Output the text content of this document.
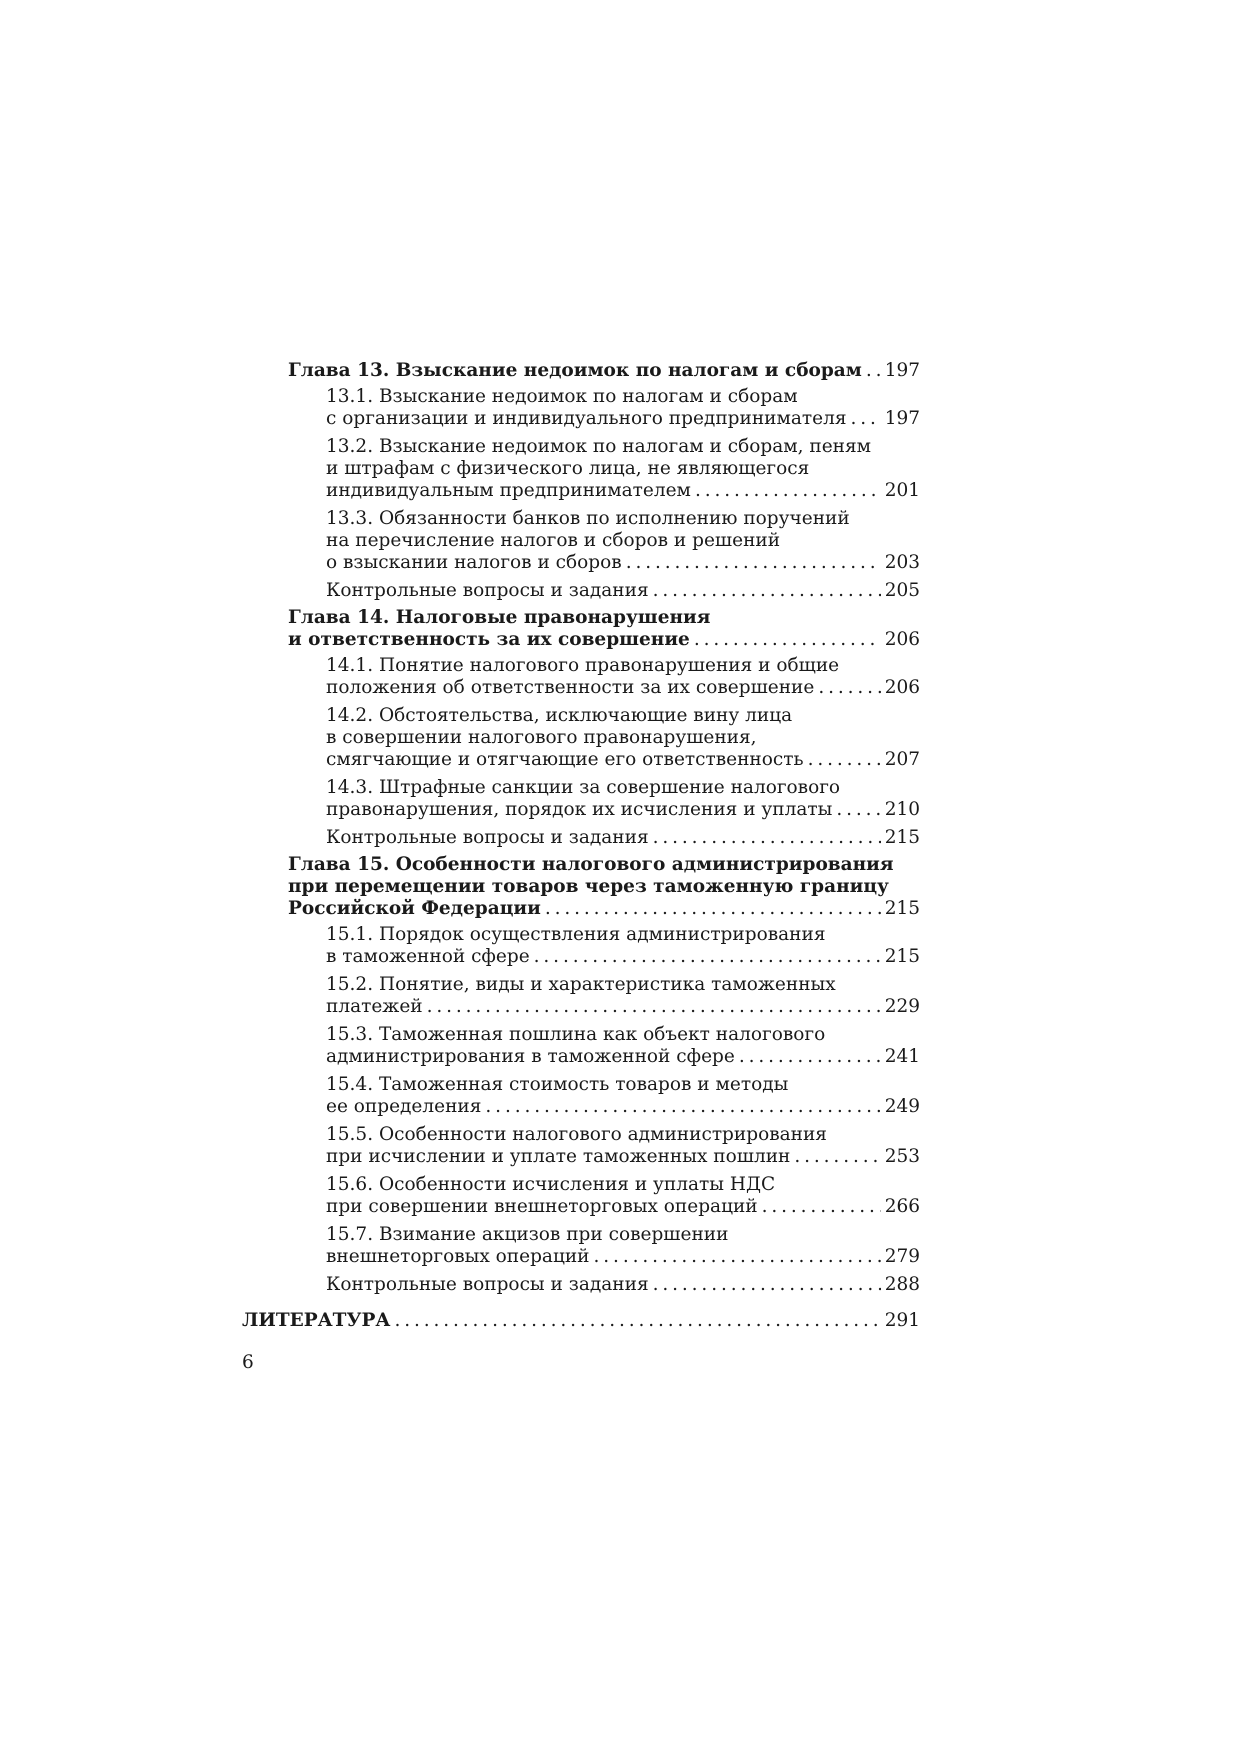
Глава 13. Взыскание недоимок по налогам и сборам . . . 197
13.1. Взыскание недоимок по налогам и сборам
с организации и индивидуального предпринимателя . . . 197
13.2. Взыскание недоимок по налогам и сборам, пеням
и штрафам с физического лица, не являющегося
индивидуальным предпринимателем . . .	201
13.3. Обязанности банков по исполнению поручений
на перечисление налогов и сборов и решений
о взыскании налогов и сборов . . .	203
Контрольные вопросы и задания . . .	205
Глава 14. Налоговые правонарушения
и ответственность за их совершение . . .	206
14.1. Понятие налогового правонарушения и общие
положения об ответственности за их совершение . . .	206
14.2. Обстоятельства, исключающие вину лица
в совершении налогового правонарушения,
смягчающие и отягчающие его ответственность . . .	207
14.3. Штрафные санкции за совершение налогового
правонарушения, порядок их исчисления и уплаты . . .	210
Контрольные вопросы и задания . . .	215
Глава 15. Особенности налогового администрирования
при перемещении товаров через таможенную границу
Российской Федерации . . .	215
15.1. Порядок осуществления администрирования
в таможенной сфере . . .	215
15.2. Понятие, виды и характеристика таможенных
платежей . . .	229
15.3. Таможенная пошлина как объект налогового
администрирования в таможенной сфере . . .	241
15.4. Таможенная стоимость товаров и методы
ее определения . . .	249
15.5. Особенности налогового администрирования
при исчислении и уплате таможенных пошлин . . .	253
15.6. Особенности исчисления и уплаты НДС
при совершении внешнеторговых операций . . .	266
15.7. Взимание акцизов при совершении
внешнеторговых операций . . .	279
Контрольные вопросы и задания . . .	288
ЛИТЕРАТУРА . . .	291
6
